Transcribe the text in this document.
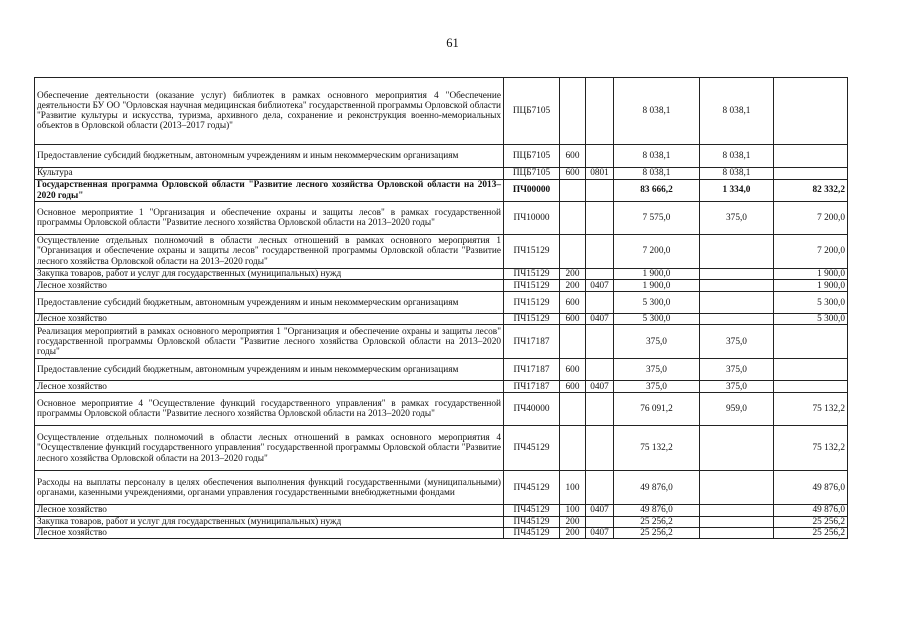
61
Обеспечение деятельности (оказание услуг) библиотек в рамках основного мероприятия 4 "Обеспечение деятельности БУ ОО "Орловская научная медицинская библиотека" государственной программы Орловской области "Развитие культуры и искусства, туризма, архивного дела, сохранение и реконструкция военно-мемориальных объектов в Орловской области (2013–2017 годы)"	ПЦБ7105			8 038,1	8 038,1	
Предоставление субсидий бюджетным, автономным учреждениям и иным некоммерческим организациям	ПЦБ7105	600		8 038,1	8 038,1	
Культура	ПЦБ7105	600	0801	8 038,1	8 038,1	
Государственная программа Орловской области "Развитие лесного хозяйства Орловской области на 2013–2020 годы"	ПЧ00000			83 666,2	1 334,0	82 332,2
Основное мероприятие 1 "Организация и обеспечение охраны и защиты лесов" в рамках государственной программы Орловской области "Развитие лесного хозяйства Орловской области на 2013–2020 годы"	ПЧ10000			7 575,0	375,0	7 200,0
Осуществление отдельных полномочий в области лесных отношений в рамках основного мероприятия 1 "Организация и обеспечение охраны и защиты лесов" государственной программы Орловской области "Развитие лесного хозяйства Орловской области на 2013–2020 годы"	ПЧ15129			7 200,0		7 200,0
Закупка товаров, работ и услуг для государственных (муниципальных) нужд	ПЧ15129	200		1 900,0		1 900,0
Лесное хозяйство	ПЧ15129	200	0407	1 900,0		1 900,0
Предоставление субсидий бюджетным, автономным учреждениям и иным некоммерческим организациям	ПЧ15129	600		5 300,0		5 300,0
Лесное хозяйство	ПЧ15129	600	0407	5 300,0		5 300,0
Реализация мероприятий в рамках основного мероприятия 1 "Организация и обеспечение охраны и защиты лесов" государственной программы Орловской области "Развитие лесного хозяйства Орловской области на 2013–2020 годы"	ПЧ17187			375,0	375,0	
Предоставление субсидий бюджетным, автономным учреждениям и иным некоммерческим организациям	ПЧ17187	600		375,0	375,0	
Лесное хозяйство	ПЧ17187	600	0407	375,0	375,0	
Основное мероприятие 4 "Осуществление функций государственного управления" в рамках государственной программы Орловской области "Развитие лесного хозяйства Орловской области на 2013–2020 годы"	ПЧ40000			76 091,2	959,0	75 132,2
Осуществление отдельных полномочий в области лесных отношений в рамках основного мероприятия 4 "Осуществление функций государственного управления" государственной программы Орловской области "Развитие лесного хозяйства Орловской области на 2013–2020 годы"	ПЧ45129			75 132,2		75 132,2
Расходы на выплаты персоналу в целях обеспечения выполнения функций государственными (муниципальными) органами, казенными учреждениями, органами управления государственными внебюджетными фондами	ПЧ45129	100		49 876,0		49 876,0
Лесное хозяйство	ПЧ45129	100	0407	49 876,0		49 876,0
Закупка товаров, работ и услуг для государственных (муниципальных) нужд	ПЧ45129	200		25 256,2		25 256,2
Лесное хозяйство	ПЧ45129	200	0407	25 256,2		25 256,2
